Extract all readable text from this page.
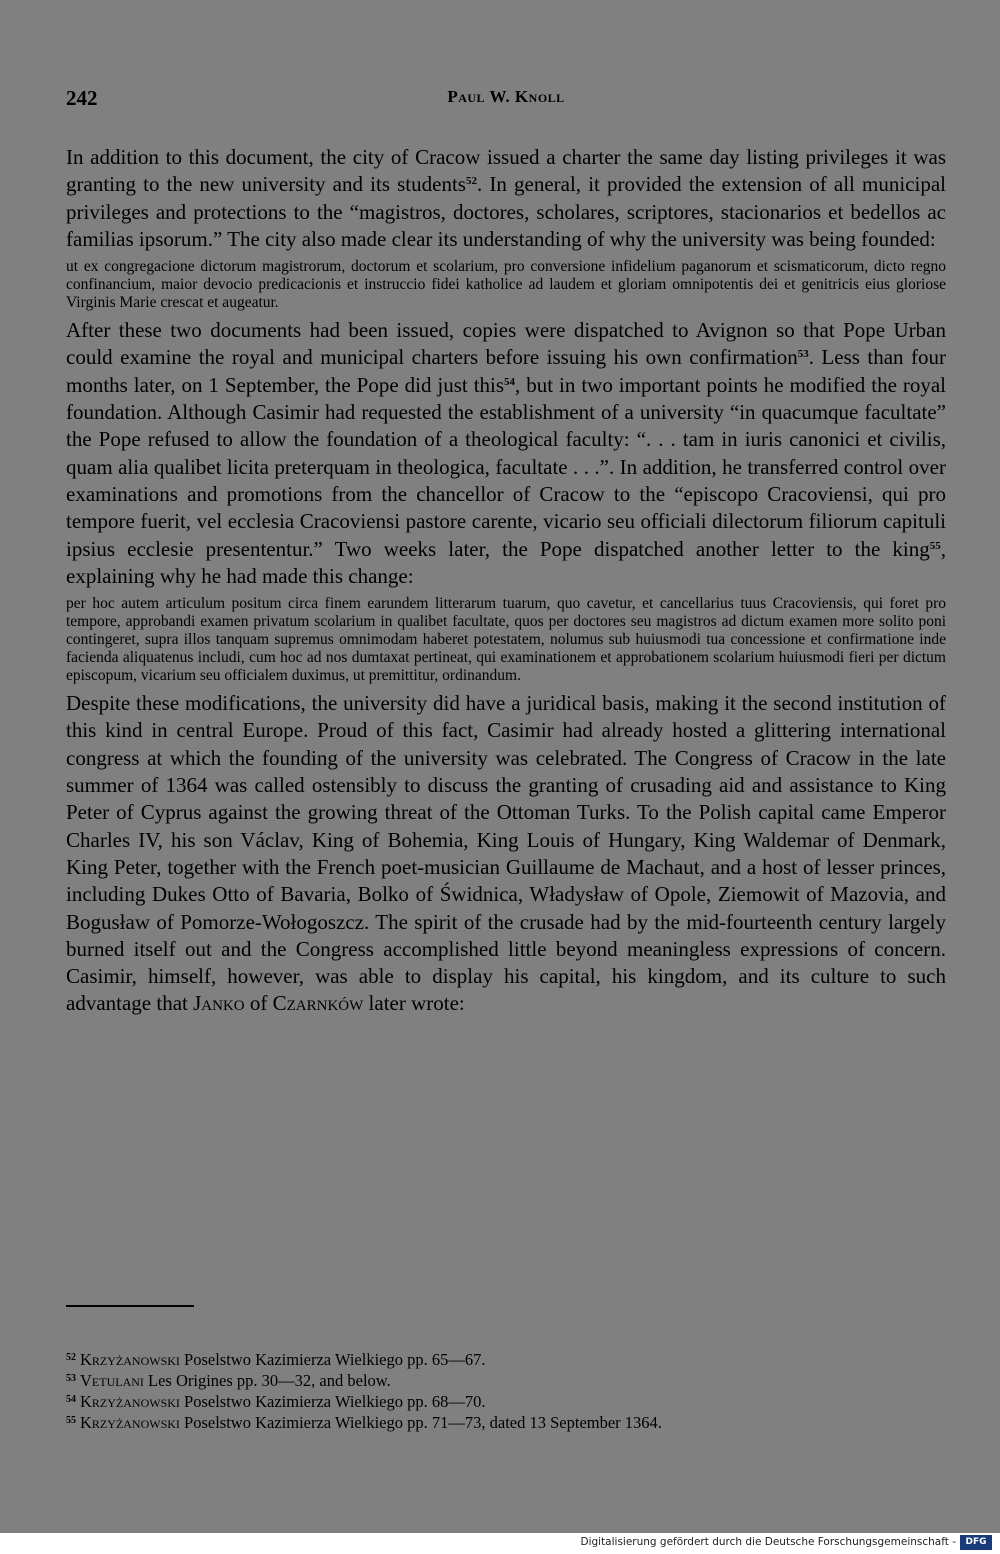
242	Paul W. Knoll

In addition to this document, the city of Cracow issued a charter the same day listing privileges it was granting to the new university and its students$^{52}$. In general, it provided the extension of all municipal privileges and protections to the “magistros, doctores, scholares, scriptores, stacionarios et bedellos ac familias ipsorum.” The city also made clear its understanding of why the university was being founded:

ut ex congregacione dictorum magistrorum, doctorum et scolarium, pro conversione infidelium paganorum et scismaticorum, dicto regno confinancium, maior devocio predicacionis et instruccio fidei katholice ad laudem et gloriam omnipotentis dei et genitricis eius gloriose Virginis Marie crescat et augeatur.

After these two documents had been issued, copies were dispatched to Avignon so that Pope Urban could examine the royal and municipal charters before issuing his own confirmation$^{53}$. Less than four months later, on 1 September, the Pope did just this$^{54}$, but in two important points he modified the royal foundation. Although Casimir had requested the establishment of a university “in quacumque facultate” the Pope refused to allow the foundation of a theological faculty: “. . . tam in iuris canonici et civilis, quam alia qualibet licita preterquam in theologica, facultate . . .”. In addition, he transferred control over examinations and promotions from the chancellor of Cracow to the “episcopo Cracoviensi, qui pro tempore fuerit, vel ecclesia Cracoviensi pastore carente, vicario seu officiali dilectorum filiorum capituli ipsius ecclesie presententur.” Two weeks later, the Pope dispatched another letter to the king$^{55}$, explaining why he had made this change:

per hoc autem articulum positum circa finem earundem litterarum tuarum, quo cavetur, et cancellarius tuus Cracoviensis, qui foret pro tempore, approbandi examen privatum scolarium in qualibet facultate, quos per doctores seu magistros ad dictum examen more solito poni contingeret, supra illos tanquam supremus omnimodam haberet potestatem, nolumus sub huiusmodi tua concessione et confirmatione inde facienda aliquatenus includi, cum hoc ad nos dumtaxat pertineat, qui examinationem et approbationem scolarium huiusmodi fieri per dictum episcopum, vicarium seu officialem duximus, ut premittitur, ordinandum.

Despite these modifications, the university did have a juridical basis, making it the second institution of this kind in central Europe. Proud of this fact, Casimir had already hosted a glittering international congress at which the founding of the university was celebrated. The Congress of Cracow in the late summer of 1364 was called ostensibly to discuss the granting of crusading aid and assistance to King Peter of Cyprus against the growing threat of the Ottoman Turks. To the Polish capital came Emperor Charles IV, his son Václav, King of Bohemia, King Louis of Hungary, King Waldemar of Denmark, King Peter, together with the French poet-musician Guillaume de Machaut, and a host of lesser princes, including Dukes Otto of Bavaria, Bolko of Świdnica, Władysław of Opole, Ziemowit of Mazovia, and Bogusław of Pomorze-Wołogoszcz. The spirit of the crusade had by the mid-fourteenth century largely burned itself out and the Congress accomplished little beyond meaningless expressions of concern. Casimir, himself, however, was able to display his capital, his kingdom, and its culture to such advantage that Janko of Czarnków later wrote:

$^{52}$ Krzyżanowski Poselstwo Kazimierza Wielkiego pp. 65—67.

$^{53}$ Vetulani Les Origines pp. 30—32, and below.

$^{54}$ Krzyżanowski Poselstwo Kazimierza Wielkiego pp. 68—70.

$^{55}$ Krzyżanowski Poselstwo Kazimierza Wielkiego pp. 71—73, dated 13 September 1364.

Digitalisierung gefördert durch die Deutsche Forschungsgemeinschaft -	DFG
